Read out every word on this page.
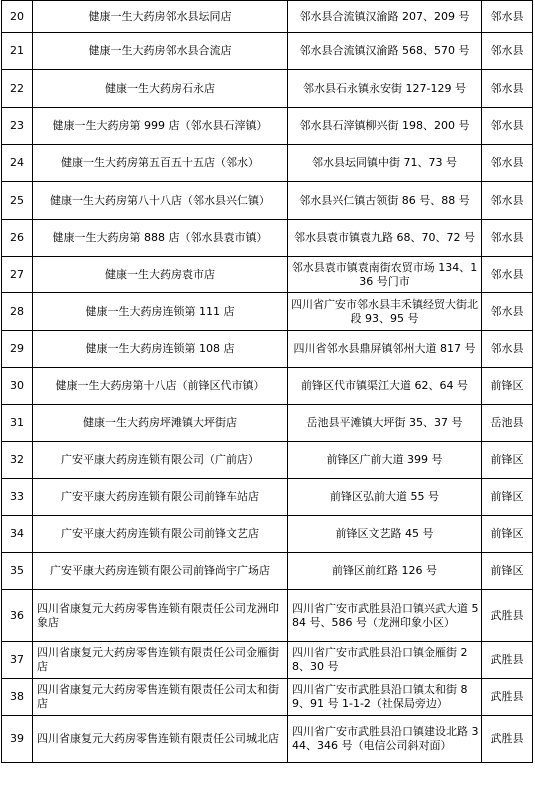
20	健康一生大药房邻水县坛同店	邻水县合流镇汉渝路 207、209 号	邻水县
21	健康一生大药房邻水县合流店	邻水县合流镇汉渝路 568、570 号	邻水县
22	健康一生大药房石永店	邻水县石永镇永安街 127-129 号	邻水县
23	健康一生大药房第 999 店（邻水县石滓镇）	邻水县石滓镇柳兴街 198、200 号	邻水县
24	健康一生大药房第五百五十五店（邻水）	邻水县坛同镇中街 71、73 号	邻水县
25	健康一生大药房第八十八店（邻水县兴仁镇）	邻水县兴仁镇古领街 86 号、88 号	邻水县
26	健康一生大药房第 888 店（邻水县袁市镇）	邻水县袁市镇袁九路 68、70、72 号	邻水县
27	健康一生大药房袁市店	邻水县袁市镇袁南街农贸市场 134、136 号门市	邻水县
28	健康一生大药房连锁第 111 店	四川省广安市邻水县丰禾镇经贸大街北段 93、95 号	邻水县
29	健康一生大药房连锁第 108 店	四川省邻水县鼎屏镇邻州大道 817 号	邻水县
30	健康一生大药房第十八店（前锋区代市镇）	前锋区代市镇渠江大道 62、64 号	前锋区
31	健康一生大药房坪滩镇大坪街店	岳池县平滩镇大坪街 35、37 号	岳池县
32	广安平康大药房连锁有限公司（广前店）	前锋区广前大道 399 号	前锋区
33	广安平康大药房连锁有限公司前锋车站店	前锋区弘前大道 55 号	前锋区
34	广安平康大药房连锁有限公司前锋文艺店	前锋区文艺路 45 号	前锋区
35	广安平康大药房连锁有限公司前锋尚宇广场店	前锋区前红路 126 号	前锋区
36	四川省康复元大药房零售连锁有限责任公司龙洲印象店	四川省广安市武胜县沿口镇兴武大道 584 号、586 号（龙洲印象小区）	武胜县
37	四川省康复元大药房零售连锁有限责任公司金雁街店	四川省广安市武胜县沿口镇金雁街 28、30 号	武胜县
38	四川省康复元大药房零售连锁有限责任公司太和街店	四川省广安市武胜县沿口镇太和街 89、91 号 1-1-2（社保局旁边）	武胜县
39	四川省康复元大药房零售连锁有限责任公司城北店	四川省广安市武胜县沿口镇建设北路 344、346 号（电信公司斜对面）	武胜县
